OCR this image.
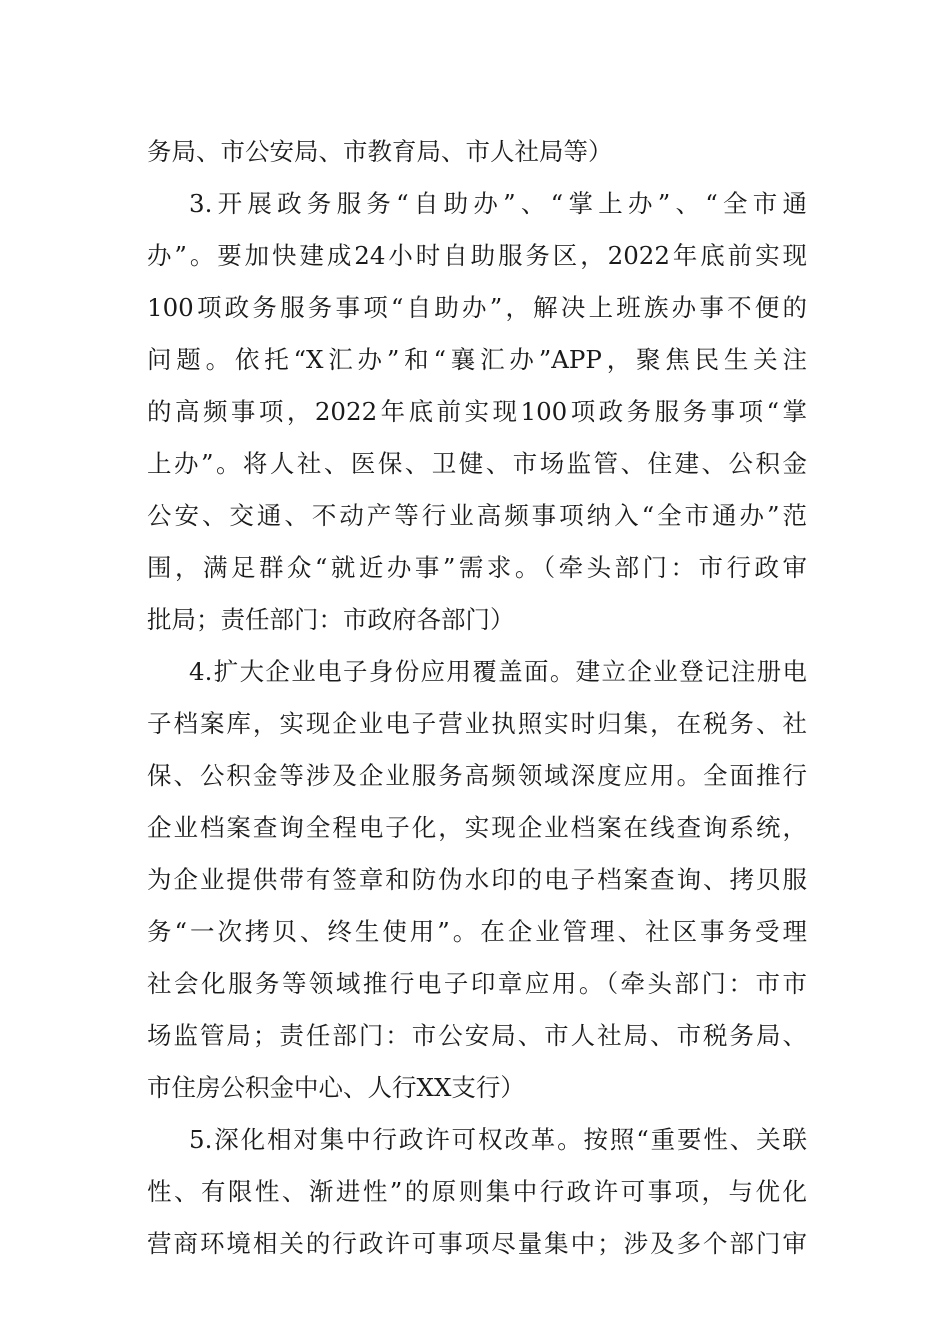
务局、市公安局、市教育局、市人社局等）
3.开展政务服务“自助办”、“掌上办”、“全市通
办”。要加快建成24小时自助服务区，2022年底前实现
100项政务服务事项“自助办”，解决上班族办事不便的
问题。依托“X汇办”和“襄汇办”APP，聚焦民生关注
的高频事项，2022年底前实现100项政务服务事项“掌
上办”。将人社、医保、卫健、市场监管、住建、公积金
公安、交通、不动产等行业高频事项纳入“全市通办”范
围，满足群众“就近办事”需求。（牵头部门：市行政审
批局；责任部门：市政府各部门）
4.扩大企业电子身份应用覆盖面。建立企业登记注册电
子档案库，实现企业电子营业执照实时归集，在税务、社
保、公积金等涉及企业服务高频领域深度应用。全面推行
企业档案查询全程电子化，实现企业档案在线查询系统，
为企业提供带有签章和防伪水印的电子档案查询、拷贝服
务“一次拷贝、终生使用”。在企业管理、社区事务受理
社会化服务等领域推行电子印章应用。（牵头部门：市市
场监管局；责任部门：市公安局、市人社局、市税务局、
市住房公积金中心、人行XX支行）
5.深化相对集中行政许可权改革。按照“重要性、关联
性、有限性、渐进性”的原则集中行政许可事项，与优化
营商环境相关的行政许可事项尽量集中；涉及多个部门审
